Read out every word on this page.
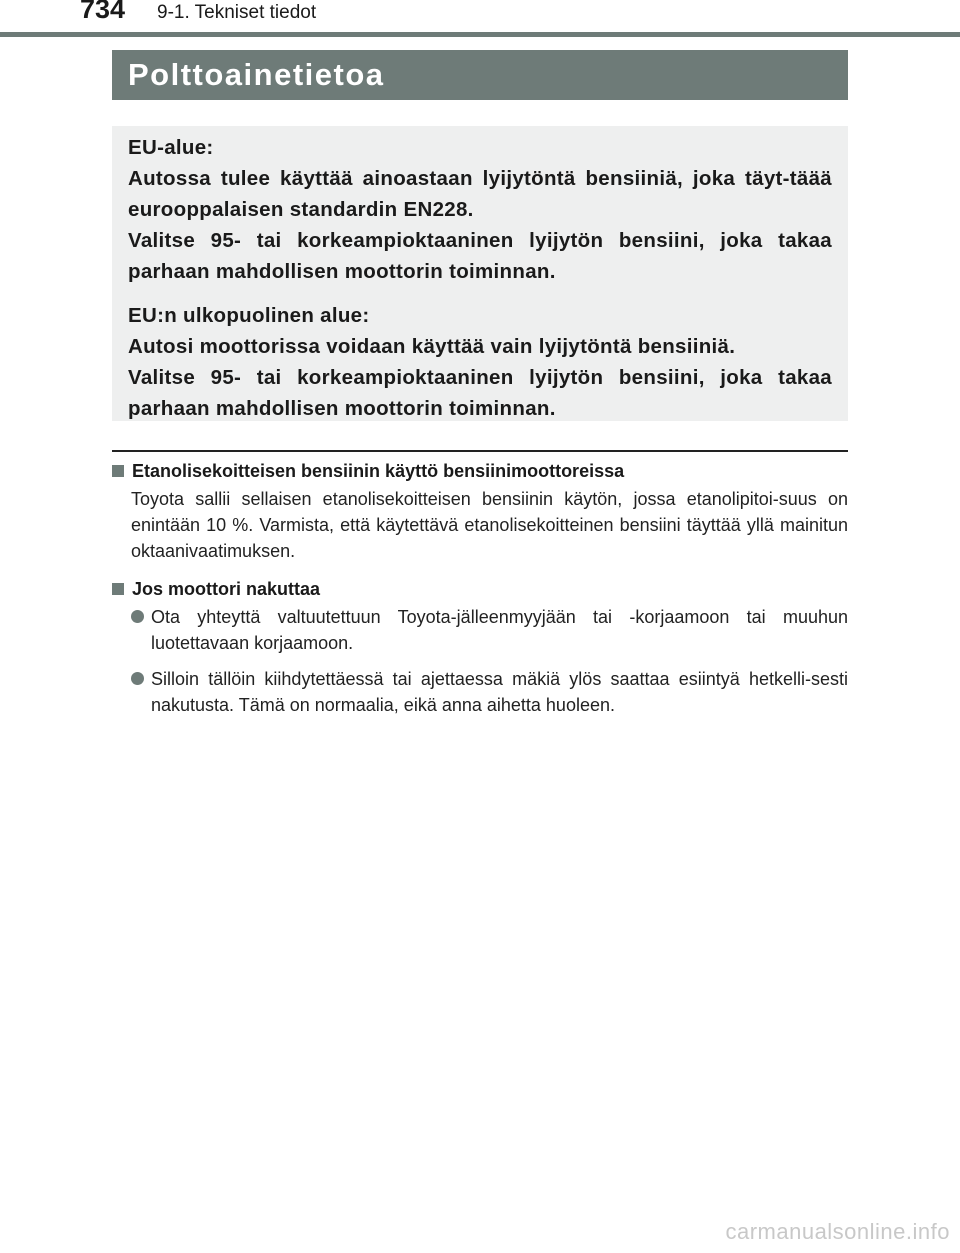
734 9-1. Tekniset tiedot
Polttoainetietoa

EU-alue:

Autossa tulee käyttää ainoastaan lyijytöntä bensiiniä, joka täyt-täää eurooppalaisen standardin EN228.

Valitse 95- tai korkeampioktaaninen lyijytön bensiini, joka takaa parhaan mahdollisen moottorin toiminnan.

EU:n ulkopuolinen alue:

Autosi moottorissa voidaan käyttää vain lyijytöntä bensiiniä.

Valitse 95- tai korkeampioktaaninen lyijytön bensiini, joka takaa parhaan mahdollisen moottorin toiminnan.

Etanolisekoitteisen bensiinin käyttö bensiinimoottoreissa

Toyota sallii sellaisen etanolisekoitteisen bensiinin käytön, jossa etanolipitoi-suus on enintään 10 %. Varmista, että käytettävä etanolisekoitteinen bensiini täyttää yllä mainitun oktaanivaatimuksen.

Jos moottori nakuttaa

Ota yhteyttä valtuutettuun Toyota-jälleenmyyjään tai -korjaamoon tai muuhun luotettavaan korjaamoon.
Silloin tällöin kiihdytettäessä tai ajettaessa mäkiä ylös saattaa esiintyä hetkelli-sesti nakutusta. Tämä on normaalia, eikä anna aihetta huoleen.
carmanualsonline.info
